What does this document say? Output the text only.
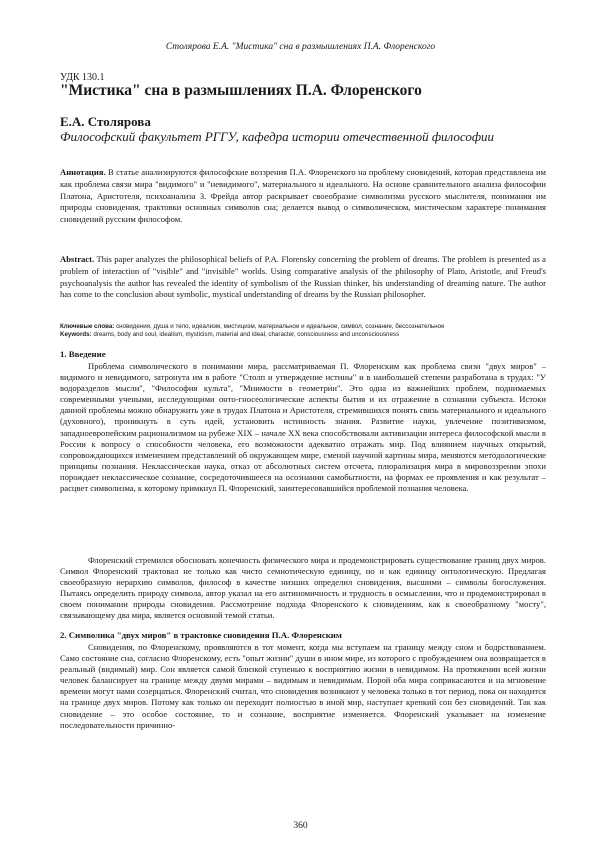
Столярова Е.А. "Мистика" сна в размышлениях П.А. Флоренского
УДК 130.1
"Мистика" сна в размышлениях П.А. Флоренского
Е.А. Столярова
Философский факультет РГГУ, кафедра истории отечественной философии

Аннотация. В статье анализируются философские воззрения П.А. Флоренского на проблему сновидений, которая представлена им как проблема связи мира "видимого" и "невидимого", материального и идеального. На основе сравнительного анализа философии Платона, Аристотеля, психоанализа З. Фрейда автор раскрывает своеобразие символизма русского мыслителя, понимания им природы сновидения, трактовки основных символов сна; делается вывод о символическом, мистическом характере понимания сновидений русским философом.

Abstract. This paper analyzes the philosophical beliefs of P.A. Florensky concerning the problem of dreams. The problem is presented as a problem of interaction of "visible" and "invisible" worlds. Using comparative analysis of the philosophy of Plato, Aristotle, and Freud's psychoanalysis the author has revealed the identity of symbolism of the Russian thinker, his understanding of dreaming nature. The author has come to the conclusion about symbolic, mystical understanding of dreams by the Russian philosopher.

Ключевые слова: сновидения, душа и тело, идеализм, мистицизм, материальное и идеальное, символ, сознание, бессознательное
Keywords: dreams, body and soul, idealism, mysticism, material and ideal, character, consciousness and unconsciousness
1. Введение

Проблема символического в понимании мира, рассматриваемая П. Флоренским как проблема связи "двух миров" – видимого и невидимого, затронута им в работе "Столп и утверждение истины" и в наибольшей степени разработана в трудах: "У водоразделов мысли", "Философия культа", "Мнимости в геометрии". Это одна из важнейших проблем, поднимаемых современными учеными, исследующими онто-гносеологические аспекты бытия и их отражение в сознании субъекта. Истоки данной проблемы можно обнаружить уже в трудах Платона и Аристотеля, стремившихся понять связь материального и идеального (духовного), проникнуть в суть идей, установить истинность знания. Развитие науки, увлечение позитивизмом, западноевропейским рационализмом на рубеже XIX – начале XX века способствовали активизации интереса философской мысли в России к вопросу о способности человека, его возможности адекватно отражать мир. Под влиянием научных открытий, сопровождающихся изменением представлений об окружающем мире, сменой научной картины мира, меняются методологические принципы познания. Неклассическая наука, отказ от абсолютных систем отсчета, плюрализация мира в мировоззрении эпохи порождает неклассическое сознание, сосредоточившееся на осознании самобытности, на формах ее проявления и как результат – расцвет символизма, к которому примкнул П. Флоренский, заинтересовавшийся проблемой познания человека.

Флоренский стремился обосновать конечность физического мира и продемонстрировать существование границ двух миров. Символ Флоренский трактовал не только как чисто семиотическую единицу, но и как единицу онтологическую. Предлагая своеобразную иерархию символов, философ в качестве низших определил сновидения, высшими – символы богослужения. Пытаясь определить природу символа, автор указал на его антиномичность и трудность в осмыслении, что и продемонстрировал в своем понимании природы сновидения. Рассмотрение подхода Флоренского к сновидениям, как к своеобразному "мосту", связывающему два мира, является основной темой статьи.

2. Символика "двух миров" в трактовке сновидения П.А. Флоренским

Сновидения, по Флоренскому, проявляются в тот момент, когда мы вступаем на границу между сном и бодрствованием. Само состояние сна, согласно Флоренскому, есть "опыт жизни" души в ином мире, из которого с пробуждением она возвращается в реальный (видимый) мир. Сон является самой близкой ступенью к восприятию жизни в невидимом. На протяжении всей жизни человек балансирует на границе между двумя мирами – видимым и невидимым. Порой оба мира соприкасаются и на мгновение времени могут нами созерцаться. Флоренский считал, что сновидения возникают у человека только в тот период, пока он находится на границе двух миров. Потому как только он переходит полностью в иной мир, наступает крепкий сон без сновидений. Так как сновидение – это особое состояние, то и сознание, восприятие изменяется. Флоренский указывает на изменение последовательности причинно-

360
